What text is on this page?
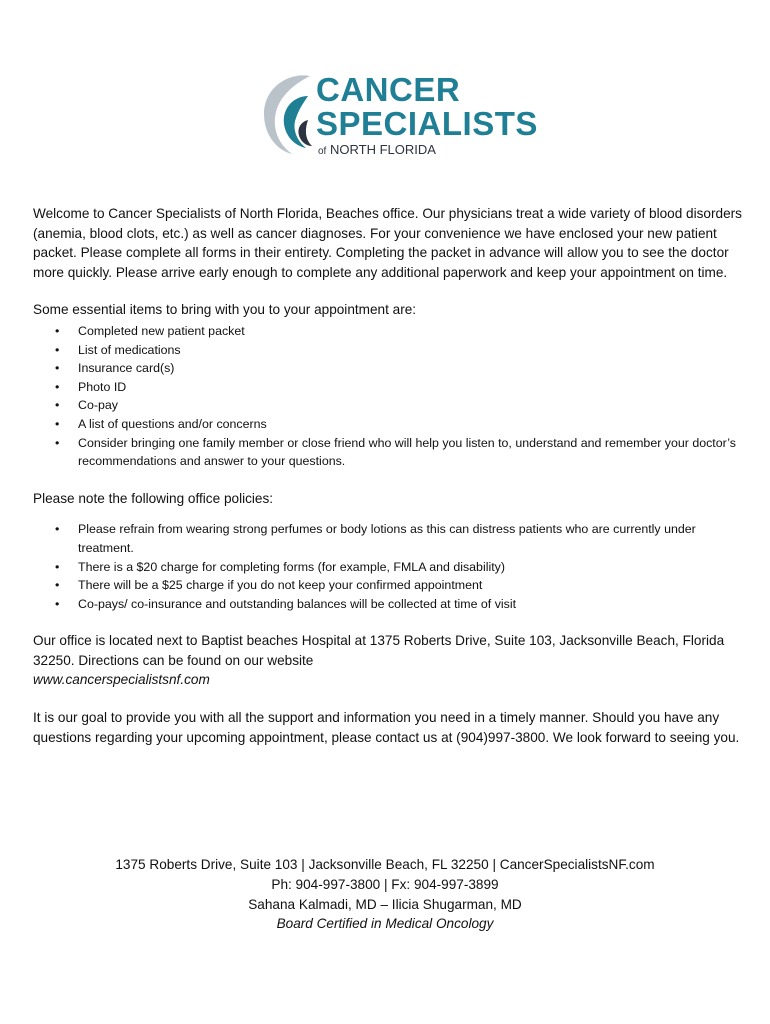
CANCER
SPECIALISTS
of NORTH FLORIDA

Welcome to Cancer Specialists of North Florida, Beaches office. Our physicians treat a wide variety of blood disorders (anemia, blood clots, etc.) as well as cancer diagnoses. For your convenience we have enclosed your new patient packet. Please complete all forms in their entirety. Completing the packet in advance will allow you to see the doctor more quickly. Please arrive early enough to complete any additional paperwork and keep your appointment on time.

Some essential items to bring with you to your appointment are:

• Completed new patient packet
• List of medications
• Insurance card(s)
• Photo ID
• Co-pay
• A list of questions and/or concerns
• Consider bringing one family member or close friend who will help you listen to, understand and remember your doctor’s recommendations and answer to your questions.

Please note the following office policies:

• Please refrain from wearing strong perfumes or body lotions as this can distress patients who are currently under treatment.
• There is a $20 charge for completing forms (for example, FMLA and disability)
• There will be a $25 charge if you do not keep your confirmed appointment
• Co-pays/ co-insurance and outstanding balances will be collected at time of visit

Our office is located next to Baptist beaches Hospital at 1375 Roberts Drive, Suite 103, Jacksonville Beach, Florida 32250. Directions can be found on our website
www.cancerspecialistsnf.com

It is our goal to provide you with all the support and information you need in a timely manner. Should you have any questions regarding your upcoming appointment, please contact us at (904)997-3800. We look forward to seeing you.

1375 Roberts Drive, Suite 103 | Jacksonville Beach, FL 32250 | CancerSpecialistsNF.com
Ph: 904-997-3800 | Fx: 904-997-3899
Sahana Kalmadi, MD – Ilicia Shugarman, MD
Board Certified in Medical Oncology
